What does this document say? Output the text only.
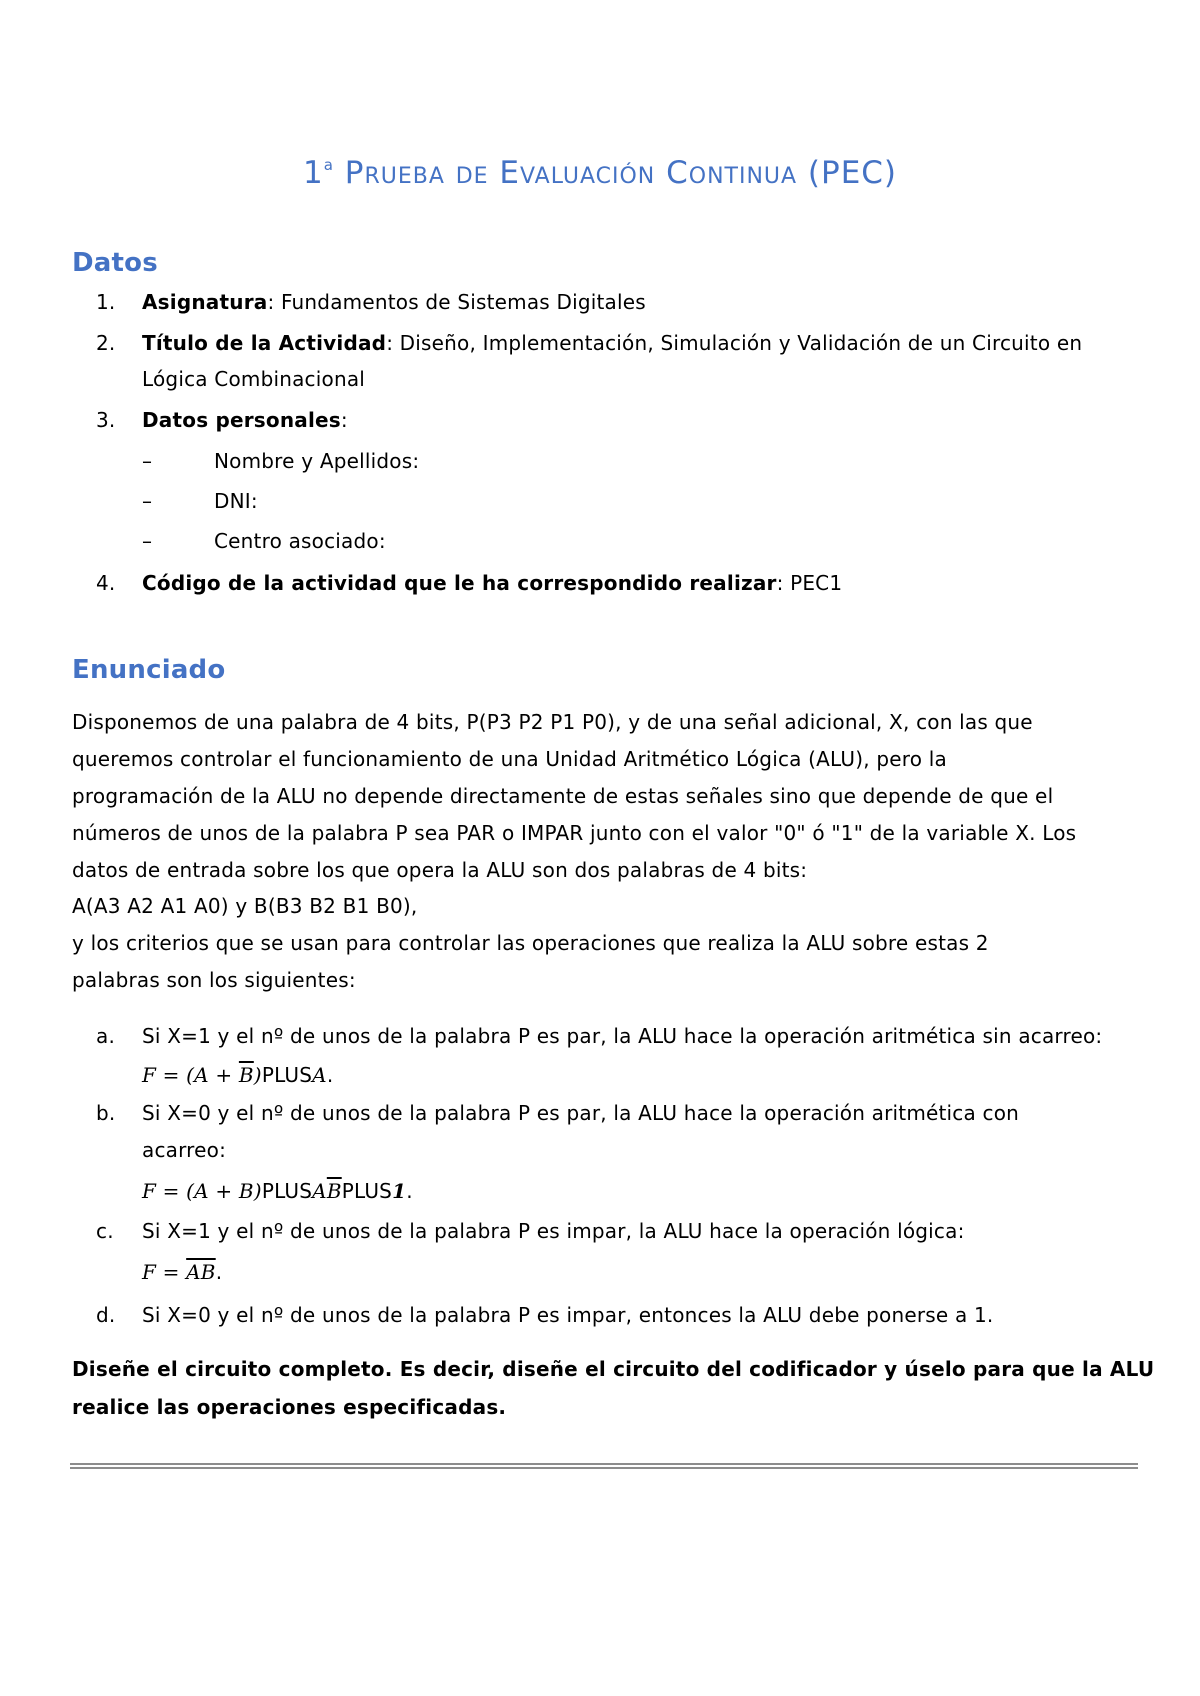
1$^a$ Prueba de Evaluación Continua (PEC)
Datos
1.	Asignatura: Fundamentos de Sistemas Digitales
2.	Título de la Actividad: Diseño, Implementación, Simulación y Validación de un Circuito en
Lógica Combinacional
3.	Datos personales:
–	Nombre y Apellidos:
–	DNI:
–	Centro asociado:
4.	Código de la actividad que le ha correspondido realizar: PEC1
Enunciado
Disponemos de una palabra de 4 bits, P(P3 P2 P1 P0), y de una señal adicional, X, con las que
queremos controlar el funcionamiento de una Unidad Aritmético Lógica (ALU), pero la
programación de la ALU no depende directamente de estas señales sino que depende de que el
números de unos de la palabra P sea PAR o IMPAR junto con el valor "0" ó "1" de la variable X. Los
datos de entrada sobre los que opera la ALU son dos palabras de 4 bits:
A(A3 A2 A1 A0) y B(B3 B2 B1 B0),
y los criterios que se usan para controlar las operaciones que realiza la ALU sobre estas 2
palabras son los siguientes:
a.	Si X=1 y el nº de unos de la palabra P es par, la ALU hace la operación aritmética sin acarreo:
$F = (A + \overline{B})PLUSA$.
b.	Si X=0 y el nº de unos de la palabra P es par, la ALU hace la operación aritmética con
acarreo:
$F = (A + B)PLUSA\overline{B}PLUS1$.
c.	Si X=1 y el nº de unos de la palabra P es impar, la ALU hace la operación lógica:
$F = \overline{AB}$.
d.	Si X=0 y el nº de unos de la palabra P es impar, entonces la ALU debe ponerse a 1.
Diseñe el circuito completo. Es decir, diseñe el circuito del codificador y úselo para que la ALU
realice las operaciones especificadas.
